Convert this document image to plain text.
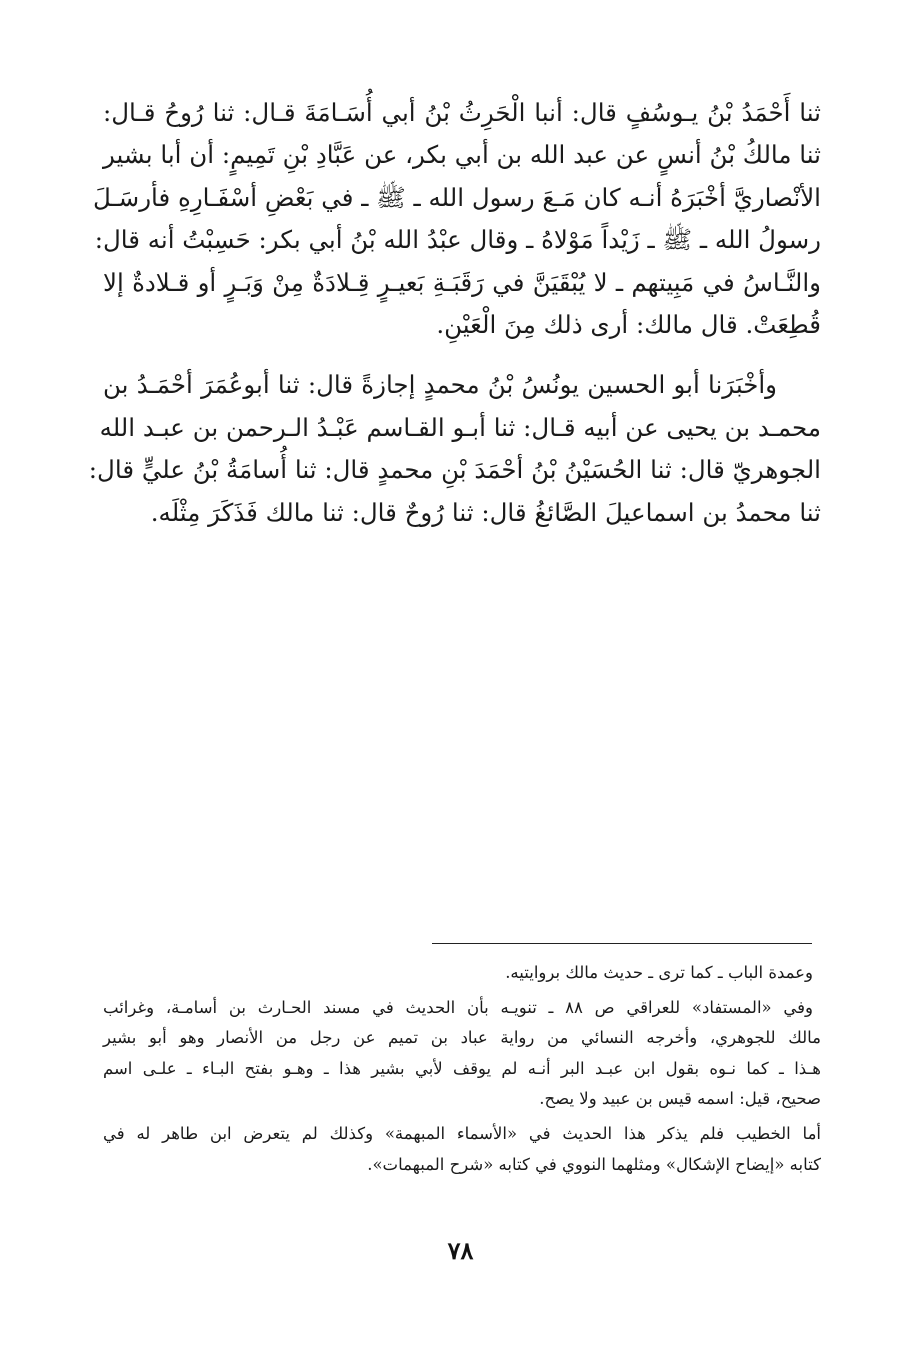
ثنا أَحْمَدُ بْنُ يـوسُفٍ قال: أنبا الْحَرِثُ بْنُ أبي أُسَـامَةَ قـال: ثنا رُوحُ قـال:
ثنا مالكُ بْنُ أنسٍ عن عبد الله بن أبي بكر، عن عَبَّادِ بْنِ تَمِيمٍ: أن أبا بشير
الأنْصاريَّ أخْبَرَهُ أنـه كان مَـعَ رسول الله ـ ﷺ ـ في بَعْضِ أسْفَـارِهِ فأرسَـلَ
رسولُ الله ـ ﷺ ـ زَيْداً مَوْلاهُ ـ وقال عبْدُ الله بْنُ أبي بكر: حَسِبْتُ أنه قال:
والنَّـاسُ في مَبِيتهم ـ لا يُبْقَيَنَّ في رَقَبَـةِ بَعيـرٍ قِـلادَةٌ مِنْ وَبَـرٍ أو قـلادةٌ إلا
قُطِعَتْ. قال مالك: أرى ذلك مِنَ الْعَيْنِ.
وأخْبَرَنا أبو الحسين يونُسُ بْنُ محمدٍ إجازةً قال: ثنا أبوعُمَرَ أحْمَـدُ بن
محمـد بن يحيى عن أبيه قـال: ثنا أبـو القـاسم عَبْـدُ الـرحمن بن عبـد الله
الجوهريّ قال: ثنا الحُسَيْنُ بْنُ أحْمَدَ بْنِ محمدٍ قال: ثنا أُسامَةُ بْنُ عليٍّ قال:
ثنا محمدُ بن اسماعيلَ الصَّائغُ قال: ثنا رُوحٌ قال: ثنا مالك فَذَكَرَ مِثْلَه.
وعمدة الباب ـ كما ترى ـ حديث مالك بروايتيه.
وفي «المستفاد» للعراقي ص ٨٨ ـ تنويـه بأن الحديث في مسند الحـارث بن أسامـة، وغرائب
مالك للجوهري، وأخرجه النسائي من رواية عباد بن تميم عن رجل من الأنصار وهو أبو بشير
هـذا ـ كما نـوه بقول ابن عبـد البر أنـه لم يوقف لأبي بشير هذا ـ وهـو بفتح البـاء ـ علـى اسم
صحيح، قيل: اسمه قيس بن عبيد ولا يصح.
أما الخطيب فلم يذكر هذا الحديث في «الأسماء المبهمة» وكذلك لم يتعرض ابن طاهر له في
كتابه «إيضاح الإشكال» ومثلهما النووي في كتابه «شرح المبهمات».
٧٨
